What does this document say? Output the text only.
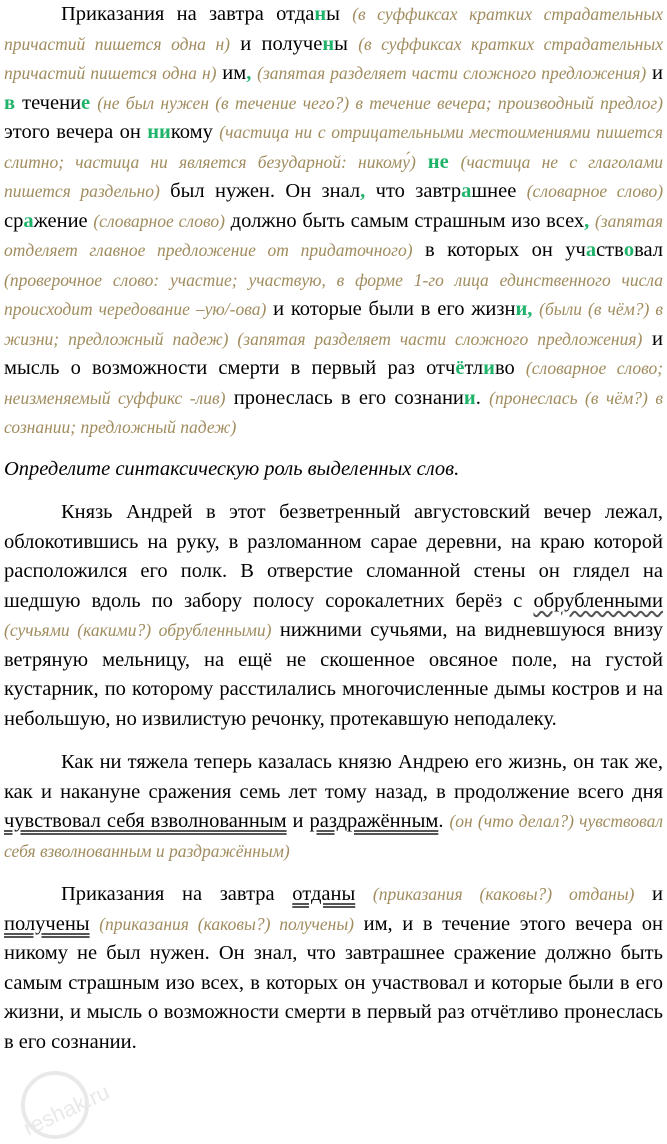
Приказания на завтра отданы (в суффиксах кратких страдательных причастий пишется одна н) и получены (в суффиксах кратких страдательных причастий пишется одна н) им, (запятая разделяет части сложного предложения) и в течение (не был нужен (в течение чего?) в течение вечера; производный предлог) этого вечера он никому (частица ни с отрицательными местоимениями пишется слитно; частица ни является безударной: никому́) не (частица не с глаголами пишется раздельно) был нужен. Он знал, что завтрашнее (словарное слово) сражение (словарное слово) должно быть самым страшным изо всех, (запятая отделяет главное предложение от придаточного) в которых он участвовал (проверочное слово: участие; участвую, в форме 1-го лица единственного числа происходит чередование –ую/-ова) и которые были в его жизни, (были (в чём?) в жизни; предложный падеж) (запятая разделяет части сложного предложения) и мысль о возможности смерти в первый раз отчётливо (словарное слово; неизменяемый суффикс -лив) пронеслась в его сознании. (пронеслась (в чём?) в сознании; предложный падеж)

Определите синтаксическую роль выделенных слов.

Князь Андрей в этот безветренный августовский вечер лежал, облокотившись на руку, в разломанном сарае деревни, на краю которой расположился его полк. В отверстие сломанной стены он глядел на шедшую вдоль по забору полосу сорокалетних берёз с обрубленными (сучьями (какими?) обрубленными) нижними сучьями, на видневшуюся внизу ветряную мельницу, на ещё не скошенное овсяное поле, на густой кустарник, по которому расстилались многочисленные дымы костров и на небольшую, но извилистую речонку, протекавшую неподалеку.

Как ни тяжела теперь казалась князю Андрею его жизнь, он так же, как и накануне сражения семь лет тому назад, в продолжение всего дня чувствовал себя взволнованным и раздражённым. (он (что делал?) чувствовал себя взволнованным и раздражённым)

Приказания на завтра отданы (приказания (каковы?) отданы) и получены (приказания (каковы?) получены) им, и в течение этого вечера он никому не был нужен. Он знал, что завтрашнее сражение должно быть самым страшным изо всех, в которых он участвовал и которые были в его жизни, и мысль о возможности смерти в первый раз отчётливо пронеслась в его сознании.

reshak.ru
